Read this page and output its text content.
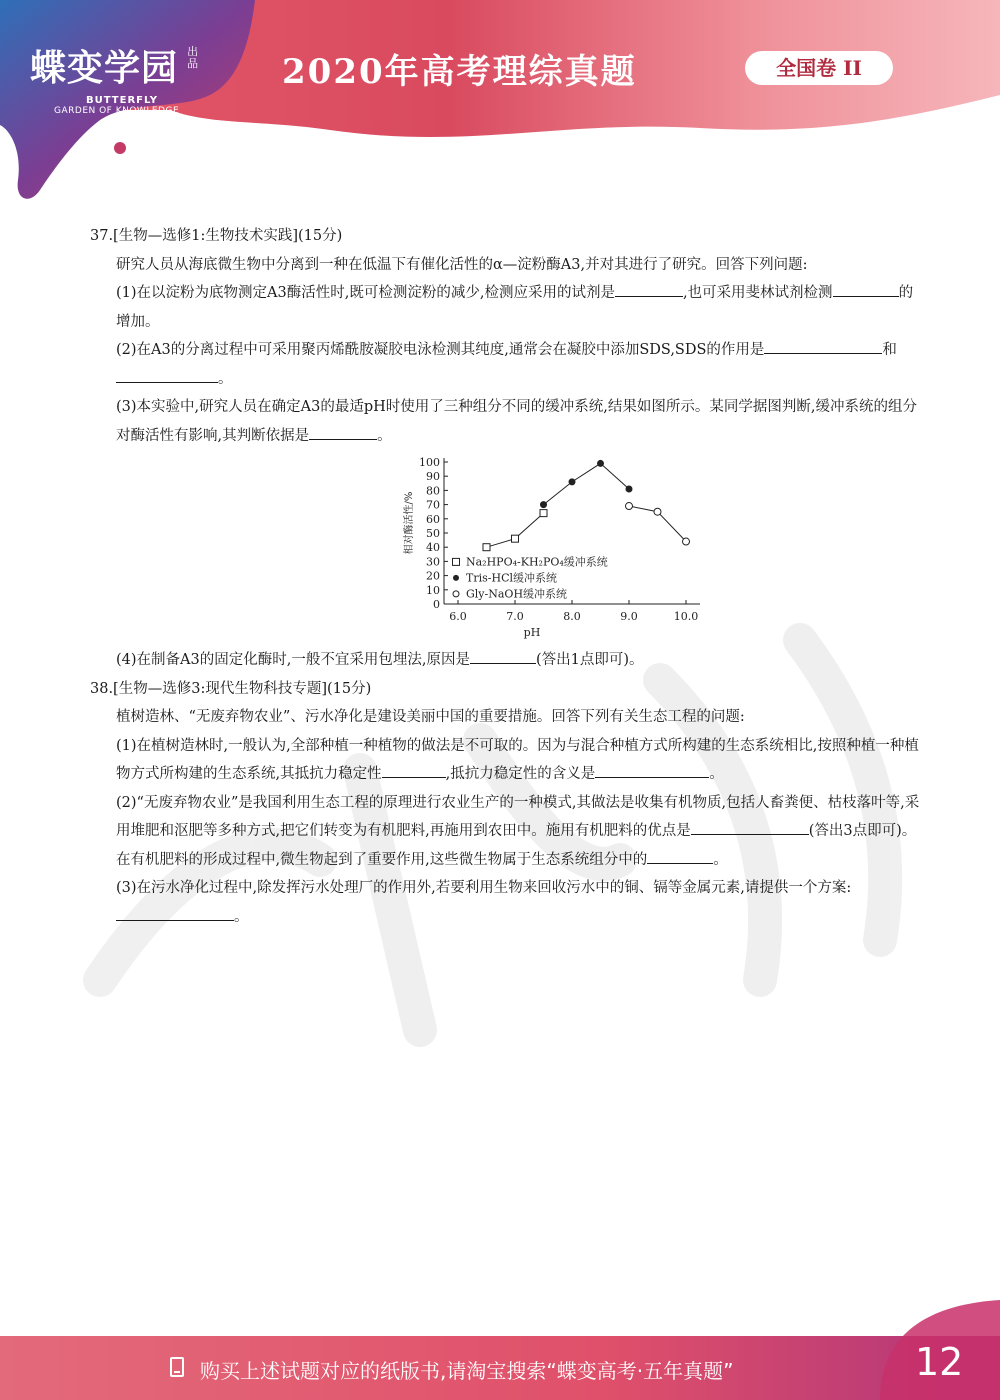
蝶变学园 出品
BUTTERFLY
GARDEN OF KNOWLEDGE
2020年高考理综真题	全国卷 II

37.[生物—选修1:生物技术实践](15分)

研究人员从海底微生物中分离到一种在低温下有催化活性的α—淀粉酶A3,并对其进行了研究。回答下列问题:

(1)在以淀粉为底物测定A3酶活性时,既可检测淀粉的减少,检测应采用的试剂是	,也可采用斐林试剂检测	的增加。

(2)在A3的分离过程中可采用聚丙烯酰胺凝胶电泳检测其纯度,通常会在凝胶中添加SDS,SDS的作用是	和。

(3)本实验中,研究人员在确定A3的最适pH时使用了三种组分不同的缓冲系统,结果如图所示。某同学据图判断,缓冲系统的组分对酶活性有影响,其判断依据是	。

0
10
20
30
40
50
60
70
80
90
100
6.0	7.0	8.0	9.0	10.0
pH
相对酶活性/%
Na₂HPO₄-KH₂PO₄缓冲系统
Tris-HCl缓冲系统
Gly-NaOH缓冲系统

(4)在制备A3的固定化酶时,一般不宜采用包埋法,原因是	(答出1点即可)。

38.[生物—选修3:现代生物科技专题](15分)

植树造林、“无废弃物农业”、污水净化是建设美丽中国的重要措施。回答下列有关生态工程的问题:

(1)在植树造林时,一般认为,全部种植一种植物的做法是不可取的。因为与混合种植方式所构建的生态系统相比,按照种植一种植物方式所构建的生态系统,其抵抗力稳定性	,抵抗力稳定性的含义是	。

(2)“无废弃物农业”是我国利用生态工程的原理进行农业生产的一种模式,其做法是收集有机物质,包括人畜粪便、枯枝落叶等,采用堆肥和沤肥等多种方式,把它们转变为有机肥料,再施用到农田中。施用有机肥料的优点是	(答出3点即可)。在有机肥料的形成过程中,微生物起到了重要作用,这些微生物属于生态系统组分中的	。

(3)在污水净化过程中,除发挥污水处理厂的作用外,若要利用生物来回收污水中的铜、镉等金属元素,请提供一个方案:。

购买上述试题对应的纸版书,请淘宝搜索“蝶变高考·五年真题”	12
